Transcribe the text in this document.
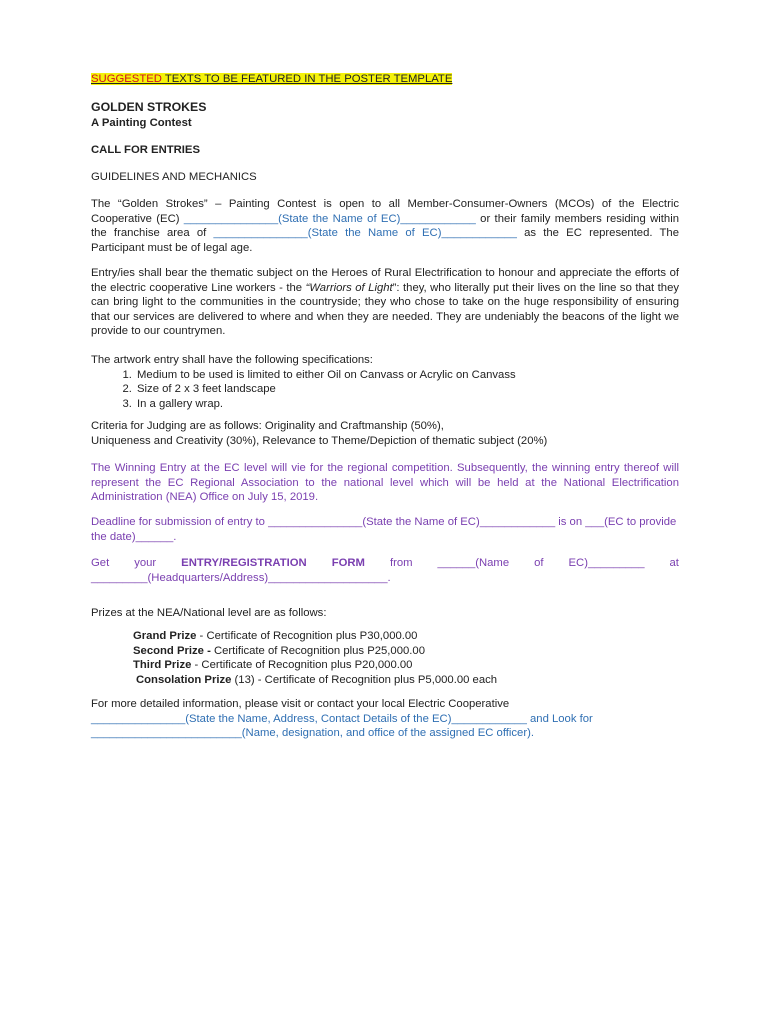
SUGGESTED TEXTS TO BE FEATURED IN THE POSTER TEMPLATE
GOLDEN STROKES
A Painting Contest
CALL FOR ENTRIES
GUIDELINES AND MECHANICS

The “Golden Strokes” – Painting Contest is open to all Member-Consumer-Owners (MCOs) of the Electric Cooperative (EC) _______________(State the Name of EC)____________ or their family members residing within the franchise area of _______________(State the Name of EC)____________ as the EC represented. The Participant must be of legal age.

Entry/ies shall bear the thematic subject on the Heroes of Rural Electrification to honour and appreciate the efforts of the electric cooperative Line workers - the “Warriors of Light”: they, who literally put their lives on the line so that they can bring light to the communities in the countryside; they who chose to take on the huge responsibility of ensuring that our services are delivered to where and when they are needed. They are undeniably the beacons of the light we provide to our countrymen.

The artwork entry shall have the following specifications:

1. Medium to be used is limited to either Oil on Canvass or Acrylic on Canvass
2. Size of 2 x 3 feet landscape
3. In a gallery wrap.

Criteria for Judging are as follows: Originality and Craftmanship (50%),

Uniqueness and Creativity (30%), Relevance to Theme/Depiction of thematic subject (20%)

The Winning Entry at the EC level will vie for the regional competition. Subsequently, the winning entry thereof will represent the EC Regional Association to the national level which will be held at the National Electrification Administration (NEA) Office on July 15, 2019.

Deadline for submission of entry to _______________(State the Name of EC)____________ is on ___(EC to provide the date)______.

Get your ENTRY/REGISTRATION FORM from ______(Name of EC)_________ at

_________(Headquarters/Address)___________________.

Prizes at the NEA/National level are as follows:

Grand Prize - Certificate of Recognition plus P30,000.00

Second Prize - Certificate of Recognition plus P25,000.00

Third Prize - Certificate of Recognition plus P20,000.00

Consolation Prize (13) - Certificate of Recognition plus P5,000.00 each

For more detailed information, please visit or contact your local Electric Cooperative

_______________(State the Name, Address, Contact Details of the EC)____________ and Look for

________________________(Name, designation, and office of the assigned EC officer).
